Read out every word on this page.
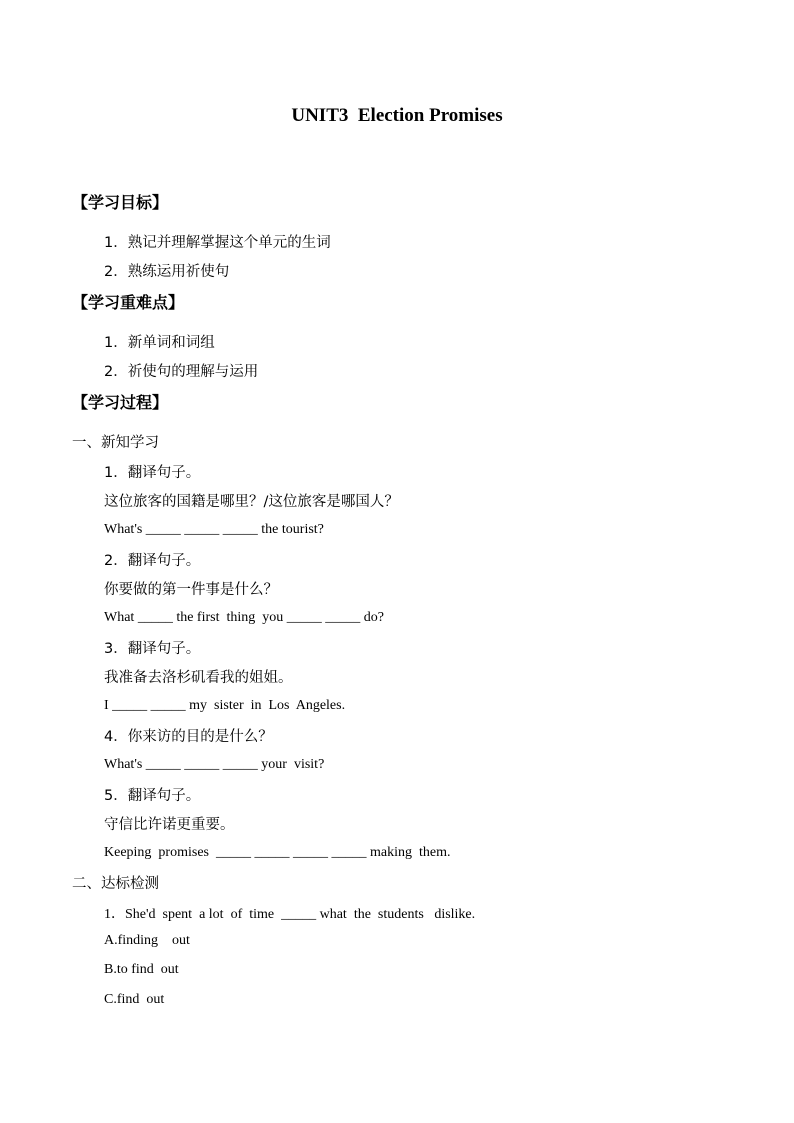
UNIT3  Election Promises
【学习目标】
1．熟记并理解掌握这个单元的生词
2．熟练运用祈使句
【学习重难点】
1．新单词和词组
2．祈使句的理解与运用
【学习过程】
一、新知学习
1．翻译句子。
这位旅客的国籍是哪里？/这位旅客是哪国人？
What's _____ _____ _____ the tourist?
2．翻译句子。
你要做的第一件事是什么？
What _____ the first  thing  you _____ _____ do?
3．翻译句子。
我准备去洛杉矶看我的姐姐。
I _____ _____ my  sister  in  Los  Angeles.
4．你来访的目的是什么？
What's _____ _____ _____ your  visit?
5．翻译句子。
守信比许诺更重要。
Keeping  promises  _____ _____ _____ _____ making  them.
二、达标检测
1．She'd  spent  a lot  of  time  _____ what  the  students   dislike.
A.finding    out
B.to find  out
C.find  out
